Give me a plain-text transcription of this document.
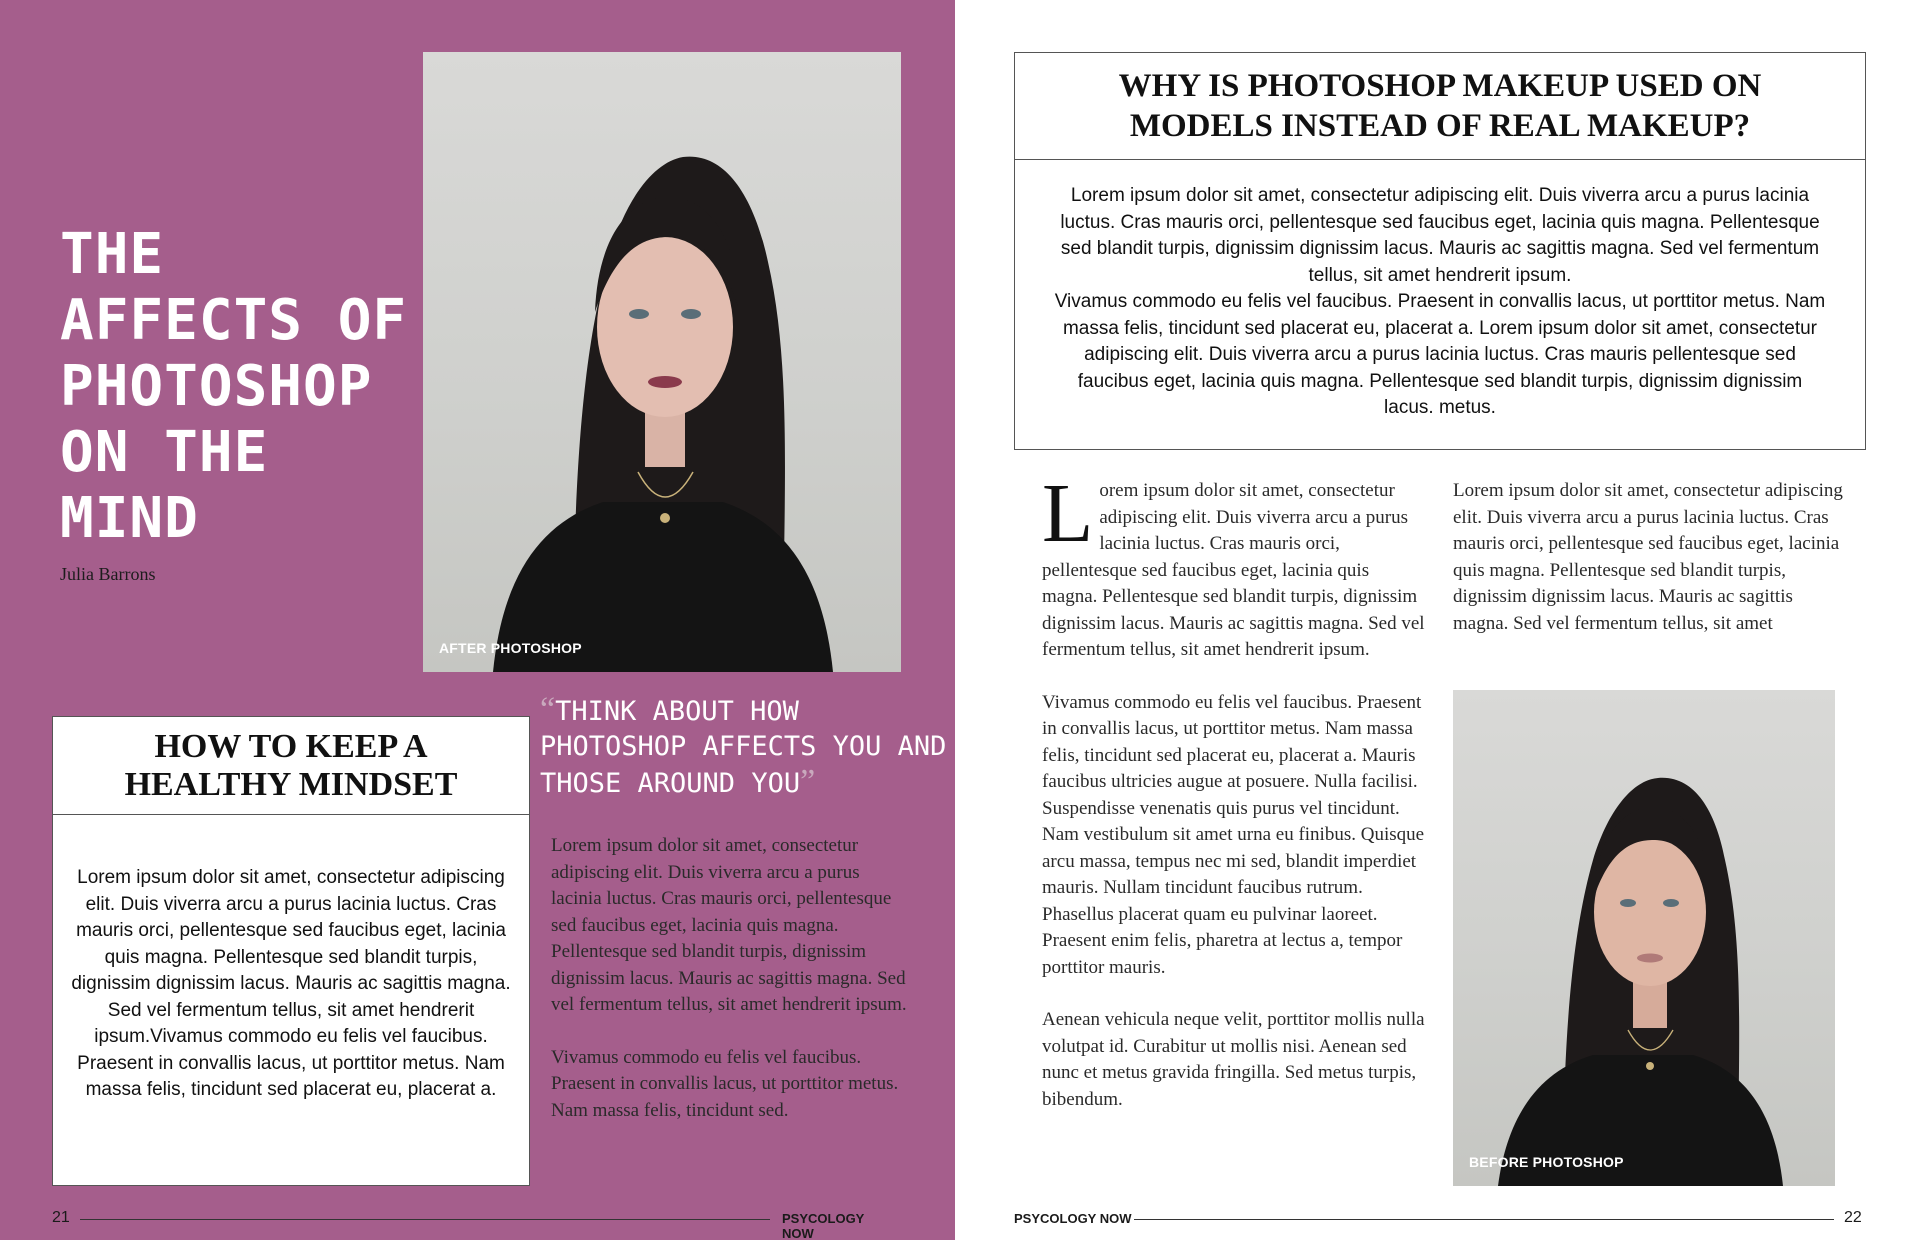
THE
AFFECTS OF
PHOTOSHOP
ON THE
MIND
Julia Barrons
AFTER PHOTOSHOP
HOW TO KEEP A HEALTHY MINDSET

Lorem ipsum dolor sit amet, consectetur adipiscing elit. Duis viverra arcu a purus lacinia luctus. Cras mauris orci, pellentesque sed faucibus eget, lacinia quis magna. Pellentesque sed blandit turpis, dignissim dignissim lacus. Mauris ac sagittis magna. Sed vel fermentum tellus, sit amet hendrerit ipsum.Vivamus commodo eu felis vel faucibus. Praesent in convallis lacus, ut porttitor metus. Nam massa felis, tincidunt sed placerat eu, placerat a.

“THINK ABOUT HOW PHOTOSHOP AFFECTS YOU AND THOSE AROUND YOU”

Lorem ipsum dolor sit amet, consectetur adipiscing elit. Duis viverra arcu a purus lacinia luctus. Cras mauris orci, pellentesque sed faucibus eget, lacinia quis magna. Pellentesque sed blandit turpis, dignissim dignissim lacus. Mauris ac sagittis magna. Sed vel fermentum tellus, sit amet hendrerit ipsum.

Vivamus commodo eu felis vel faucibus. Praesent in convallis lacus, ut porttitor metus. Nam massa felis, tincidunt sed.

21	PSYCOLOGY NOW
WHY IS PHOTOSHOP MAKEUP USED ON MODELS INSTEAD OF REAL MAKEUP?

Lorem ipsum dolor sit amet, consectetur adipiscing elit. Duis viverra arcu a purus lacinia luctus. Cras mauris orci, pellentesque sed faucibus eget, lacinia quis magna. Pellentesque sed blandit turpis, dignissim dignissim lacus. Mauris ac sagittis magna. Sed vel fermentum tellus, sit amet hendrerit ipsum.

Vivamus commodo eu felis vel faucibus. Praesent in convallis lacus, ut porttitor metus. Nam massa felis, tincidunt sed placerat eu, placerat a. Lorem ipsum dolor sit amet, consectetur adipiscing elit. Duis viverra arcu a purus lacinia luctus. Cras mauris pellentesque sed faucibus eget, lacinia quis magna. Pellentesque sed blandit turpis, dignissim dignissim lacus. metus.

Lorem ipsum dolor sit amet, consectetur adipiscing elit. Duis viverra arcu a purus lacinia luctus. Cras mauris orci, pellentesque sed faucibus eget, lacinia quis magna. Pellentesque sed blandit turpis, dignissim dignissim lacus. Mauris ac sagittis magna. Sed vel fermentum tellus, sit amet hendrerit ipsum.

Vivamus commodo eu felis vel faucibus. Praesent in convallis lacus, ut porttitor metus. Nam massa felis, tincidunt sed placerat eu, placerat a. Mauris faucibus ultricies augue at posuere. Nulla facilisi. Suspendisse venenatis quis purus vel tincidunt. Nam vestibulum sit amet urna eu finibus. Quisque arcu massa, tempus nec mi sed, blandit imperdiet mauris. Nullam tincidunt faucibus rutrum. Phasellus placerat quam eu pulvinar laoreet. Praesent enim felis, pharetra at lectus a, tempor porttitor mauris.

Aenean vehicula neque velit, porttitor mollis nulla volutpat id. Curabitur ut mollis nisi. Aenean sed nunc et metus gravida fringilla. Sed metus turpis, bibendum.

Lorem ipsum dolor sit amet, consectetur adipiscing elit. Duis viverra arcu a purus lacinia luctus. Cras mauris orci, pellentesque sed faucibus eget, lacinia quis magna. Pellentesque sed blandit turpis, dignissim dignissim lacus. Mauris ac sagittis magna. Sed vel fermentum tellus, sit amet

BEFORE PHOTOSHOP
PSYCOLOGY NOW	22
